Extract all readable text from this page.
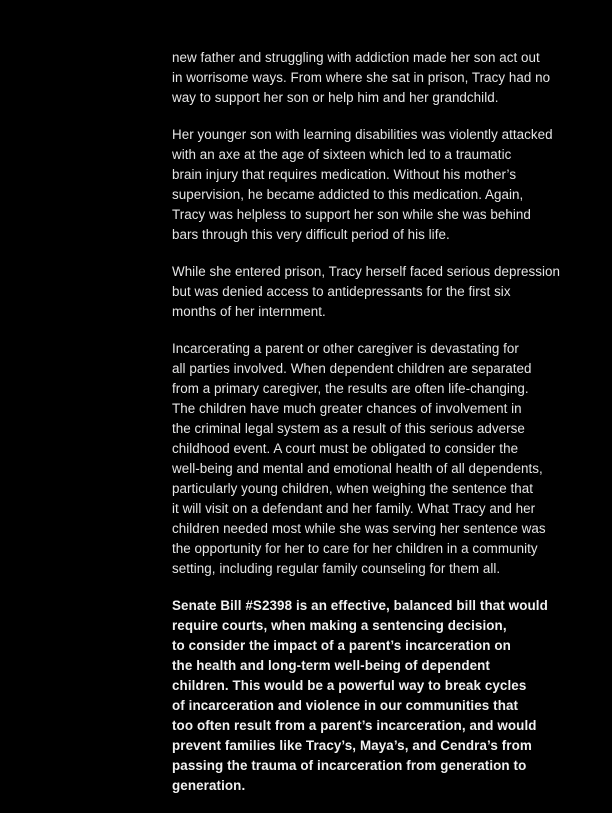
new father and struggling with addiction made her son act out
in worrisome ways. From where she sat in prison, Tracy had no
way to support her son or help him and her grandchild.

Her younger son with learning disabilities was violently attacked
with an axe at the age of sixteen which led to a traumatic
brain injury that requires medication. Without his mother’s
supervision, he became addicted to this medication. Again,
Tracy was helpless to support her son while she was behind
bars through this very difficult period of his life.

While she entered prison, Tracy herself faced serious depression
but was denied access to antidepressants for the first six
months of her internment.

Incarcerating a parent or other caregiver is devastating for
all parties involved. When dependent children are separated
from a primary caregiver, the results are often life-changing.
The children have much greater chances of involvement in
the criminal legal system as a result of this serious adverse
childhood event. A court must be obligated to consider the
well-being and mental and emotional health of all dependents,
particularly young children, when weighing the sentence that
it will visit on a defendant and her family. What Tracy and her
children needed most while she was serving her sentence was
the opportunity for her to care for her children in a community
setting, including regular family counseling for them all.

Senate Bill #S2398 is an effective, balanced bill that would
require courts, when making a sentencing decision,
to consider the impact of a parent’s incarceration on
the health and long-term well-being of dependent
children. This would be a powerful way to break cycles
of incarceration and violence in our communities that
too often result from a parent’s incarceration, and would
prevent families like Tracy’s, Maya’s, and Cendra’s from
passing the trauma of incarceration from generation to
generation.
